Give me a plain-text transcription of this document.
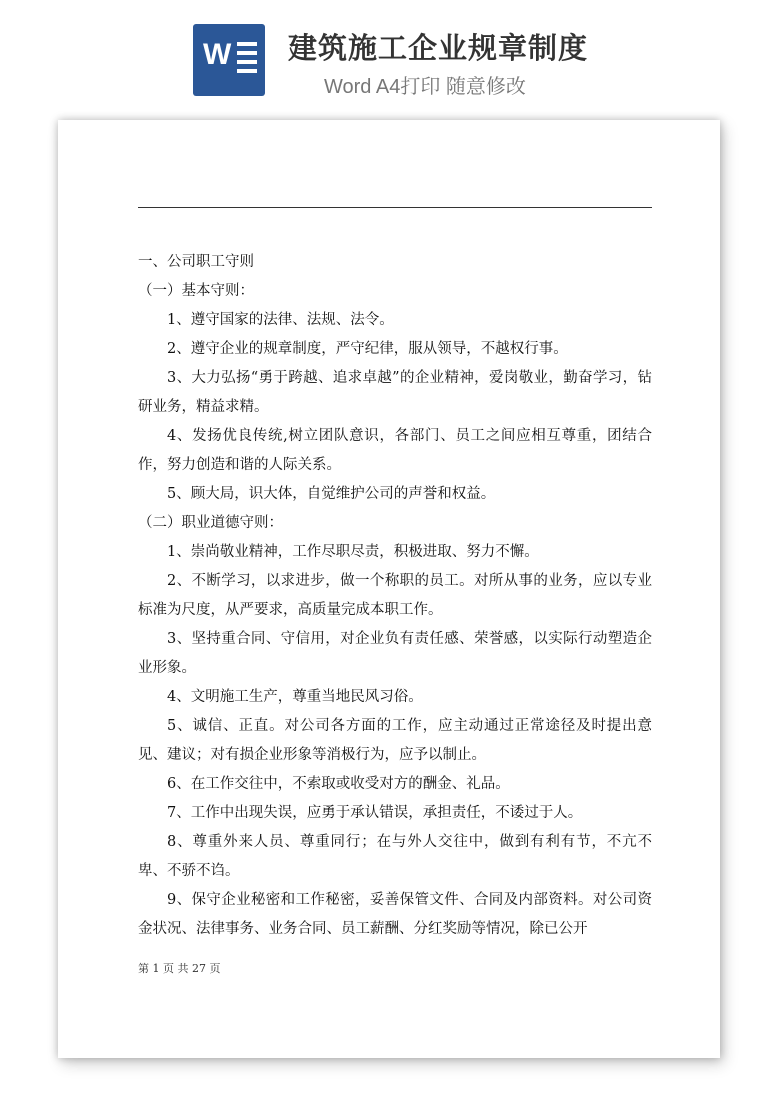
W 建筑施工企业规章制度
Word A4打印 随意修改

一、公司职工守则

（一）基本守则：

1、遵守国家的法律、法规、法令。

2、遵守企业的规章制度，严守纪律，服从领导，不越权行事。

3、大力弘扬“勇于跨越、追求卓越”的企业精神，爱岗敬业，勤奋学习，钻研业务，精益求精。

4、发扬优良传统,树立团队意识，各部门、员工之间应相互尊重，团结合作，努力创造和谐的人际关系。

5、顾大局，识大体，自觉维护公司的声誉和权益。

（二）职业道德守则：

1、崇尚敬业精神，工作尽职尽责，积极进取、努力不懈。

2、不断学习，以求进步，做一个称职的员工。对所从事的业务，应以专业标准为尺度，从严要求，高质量完成本职工作。

3、坚持重合同、守信用，对企业负有责任感、荣誉感，以实际行动塑造企业形象。

4、文明施工生产，尊重当地民风习俗。

5、诚信、正直。对公司各方面的工作，应主动通过正常途径及时提出意见、建议；对有损企业形象等消极行为，应予以制止。

6、在工作交往中，不索取或收受对方的酬金、礼品。

7、工作中出现失误，应勇于承认错误，承担责任，不诿过于人。

8、尊重外来人员、尊重同行；在与外人交往中，做到有利有节，不亢不卑、不骄不诌。

9、保守企业秘密和工作秘密，妥善保管文件、合同及内部资料。对公司资金状况、法律事务、业务合同、员工薪酬、分红奖励等情况，除已公开

第 1 页 共 27 页
